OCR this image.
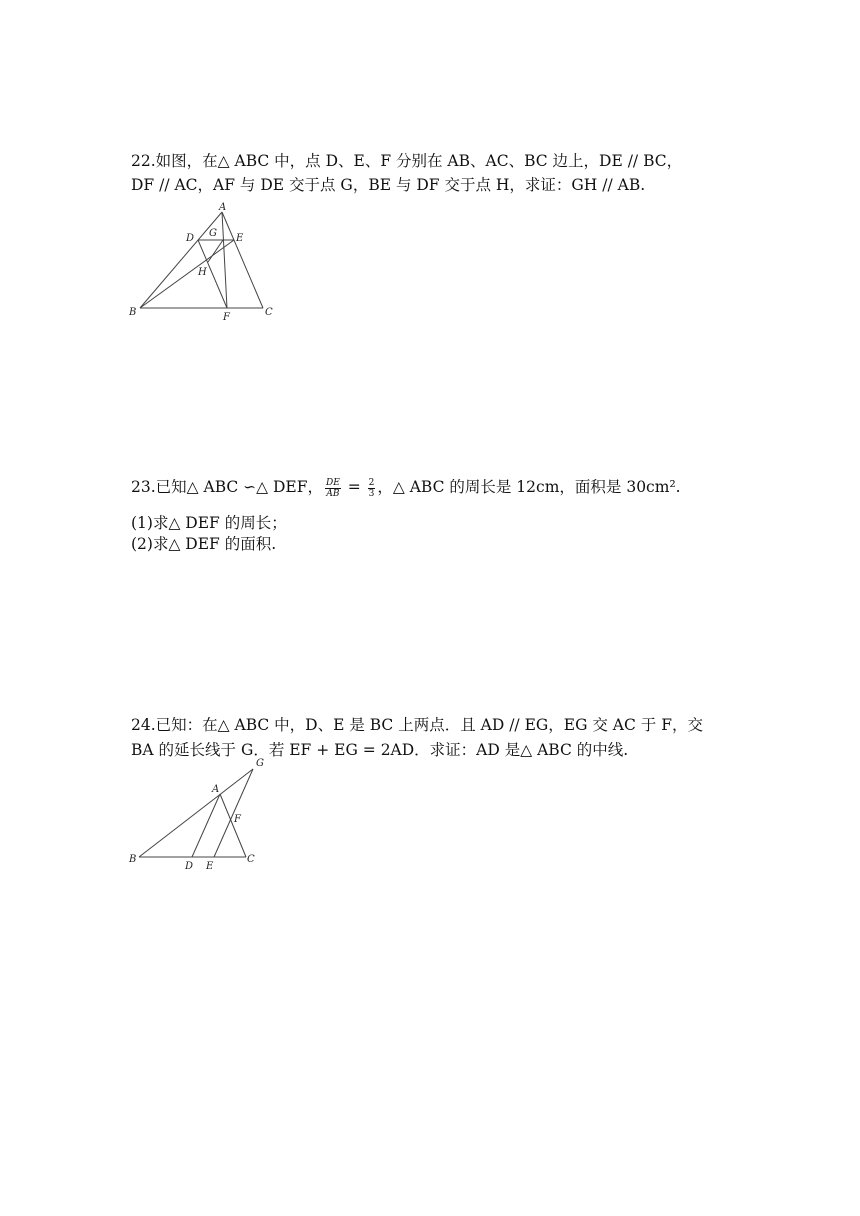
22.如图，在△ ABC 中，点 D、E、F 分别在 AB、AC、BC 边上，DE // BC，
DF // AC，AF 与 DE 交于点 G，BE 与 DF 交于点 H，求证：GH // AB.
A
D G E
H
B	F	C
23.已知△ ABC ∽△ DEF， $\frac{DE}{AB} = \frac{2}{3}$ ，△ ABC 的周长是 12cm，面积是 30cm².
(1)求△ DEF 的周长；
(2)求△ DEF 的面积.
24.已知：在△ ABC 中，D、E 是 BC 上两点．且 AD // EG，EG 交 AC 于 F，交
BA 的延长线于 G．若 EF + EG = 2AD．求证：AD 是△ ABC 的中线.
G
A
F
B
D E
C
